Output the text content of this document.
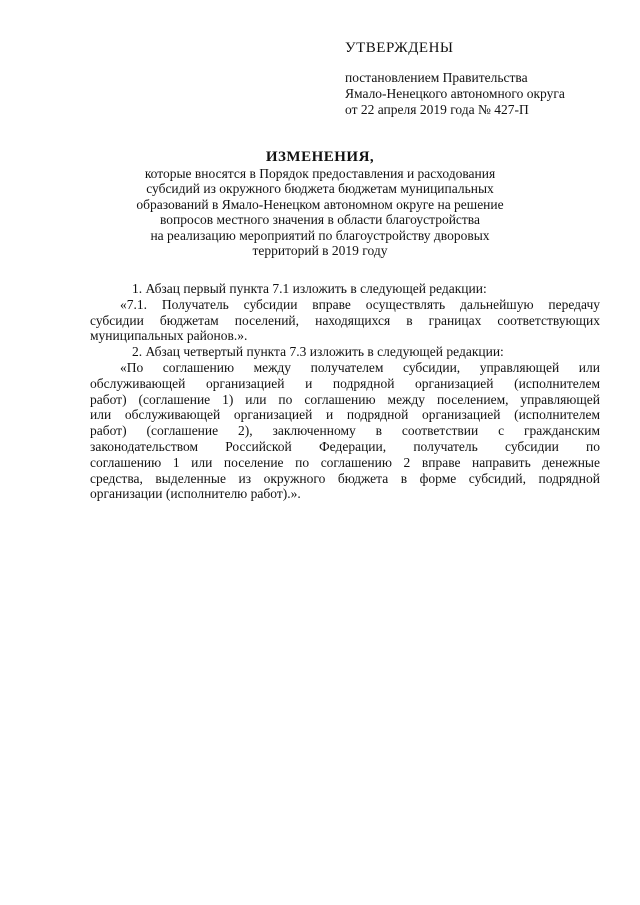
УТВЕРЖДЕНЫ
постановлением Правительства
Ямало-Ненецкого автономного округа
от 22 апреля 2019 года № 427-П
ИЗМЕНЕНИЯ,
которые вносятся в Порядок предоставления и расходования
субсидий из окружного бюджета бюджетам муниципальных
образований в Ямало-Ненецком автономном округе на решение
вопросов местного значения в области благоустройства
на реализацию мероприятий по благоустройству дворовых
территорий в 2019 году
1. Абзац первый пункта 7.1 изложить в следующей редакции:
«7.1. Получатель субсидии вправе осуществлять дальнейшую передачу
субсидии бюджетам поселений, находящихся в границах соответствующих
муниципальных районов.».
2. Абзац четвертый пункта 7.3 изложить в следующей редакции:
«По соглашению между получателем субсидии, управляющей или
обслуживающей организацией и подрядной организацией (исполнителем
работ) (соглашение 1) или по соглашению между поселением, управляющей
или обслуживающей организацией и подрядной организацией (исполнителем
работ) (соглашение 2), заключенному в соответствии с гражданским
законодательством Российской Федерации, получатель субсидии по
соглашению 1 или поселение по соглашению 2 вправе направить денежные
средства, выделенные из окружного бюджета в форме субсидий, подрядной
организации (исполнителю работ).».
